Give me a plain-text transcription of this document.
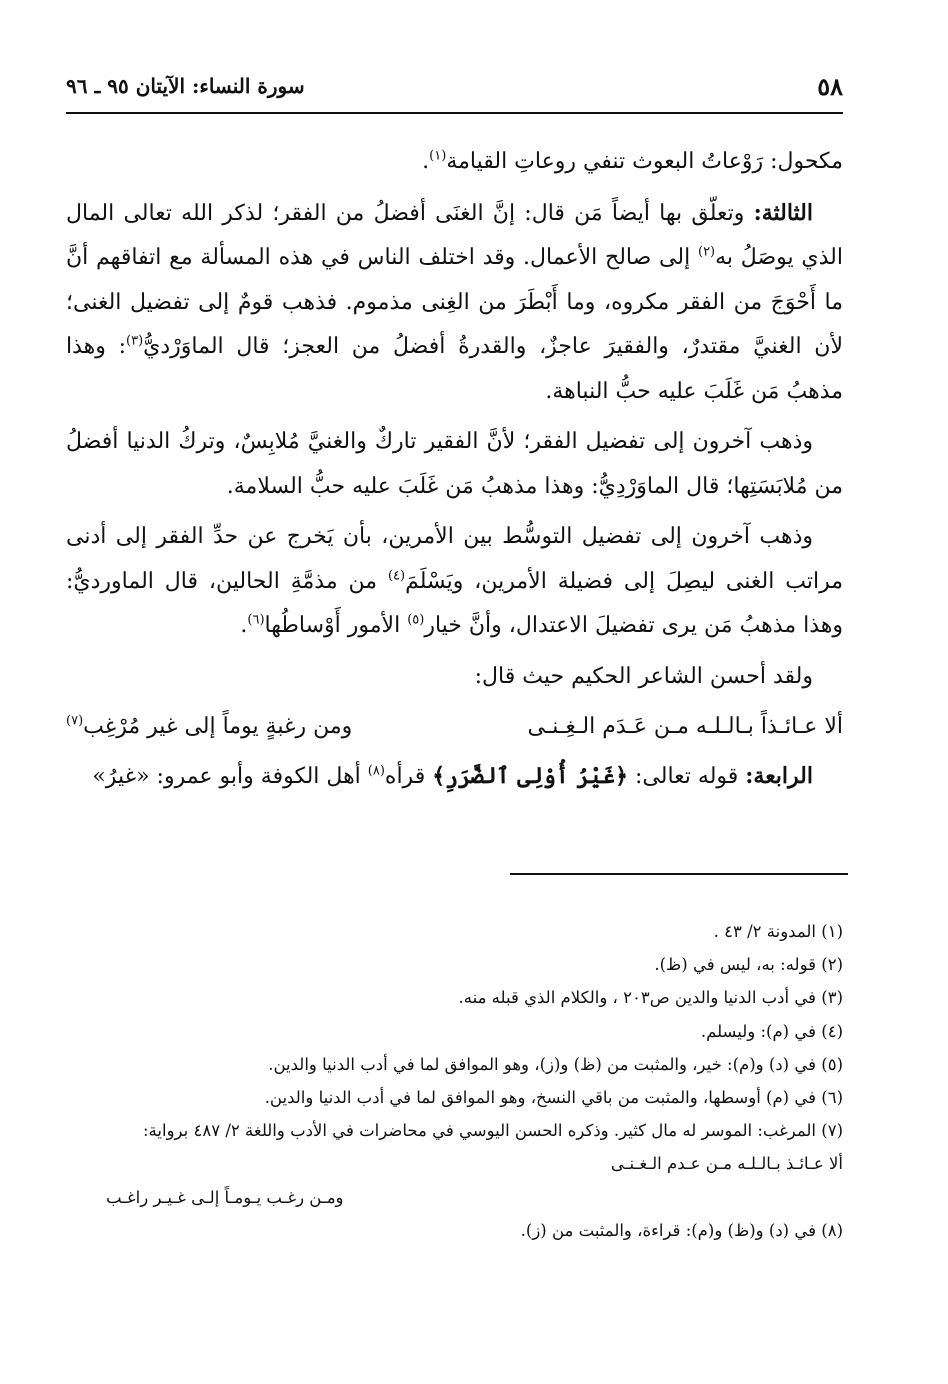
٥٨
سورة النساء: الآيتان ٩٥ ـ ٩٦

مكحول: رَوْعاتُ البعوث تنفي روعاتِ القيامة$^{(١)}$.

الثالثة: وتعلّق بها أيضاً مَن قال: إنَّ الغنَى أفضلُ من الفقر؛ لذكر الله تعالى المال الذي يوصَلُ به$^{(٢)}$ إلى صالح الأعمال. وقد اختلف الناس في هذه المسألة مع اتفاقهم أنَّ ما أَحْوَجَ من الفقر مكروه، وما أَبْطَرَ من الغِنى مذموم. فذهب قومٌ إلى تفضيل الغنى؛ لأن الغنيَّ مقتدرٌ، والفقيرَ عاجزٌ، والقدرةُ أفضلُ من العجز؛ قال الماوَرْديُّ$^{(٣)}$: وهذا مذهبُ مَن غَلَبَ عليه حبُّ النباهة.

وذهب آخرون إلى تفضيل الفقر؛ لأنَّ الفقير تاركٌ والغنيَّ مُلابِسٌ، وتركُ الدنيا أفضلُ من مُلابَسَتِها؛ قال الماوَرْدِيُّ: وهذا مذهبُ مَن غَلَبَ عليه حبُّ السلامة.

وذهب آخرون إلى تفضيل التوسُّط بين الأمرين، بأن يَخرج عن حدِّ الفقر إلى أدنى مراتب الغنى ليصِلَ إلى فضيلة الأمرين، ويَسْلَمَ$^{(٤)}$ من مذمَّةِ الحالين، قال الماورديُّ: وهذا مذهبُ مَن يرى تفضيلَ الاعتدال، وأنَّ خيار$^{(٥)}$ الأمور أَوْساطُها$^{(٦)}$.

ولقد أحسن الشاعر الحكيم حيث قال:

ألا عـائـذاً بـالـلـه مـن عَـدَم الـغِـنـى
ومن رغبةٍ يوماً إلى غير مُرْغِب$^{(٧)}$

الرابعة: قوله تعالى: ﴿غَيْرُ أُوْلِى ٱلضَّرَرِ﴾ قرأه$^{(٨)}$ أهل الكوفة وأبو عمرو: «غيرُ»

(١) المدونة ٢/ ٤٣ .

(٢) قوله: به، ليس في (ظ).

(٣) في أدب الدنيا والدين ص٢٠٣ ، والكلام الذي قبله منه.

(٤) في (م): وليسلم.

(٥) في (د) و(م): خير، والمثبت من (ظ) و(ز)، وهو الموافق لما في أدب الدنيا والدين.

(٦) في (م) أوسطها، والمثبت من باقي النسخ، وهو الموافق لما في أدب الدنيا والدين.

(٧) المرغب: الموسر له مال كثير. وذكره الحسن اليوسي في محاضرات في الأدب واللغة ٢/ ٤٨٧ برواية:

ألا عـائـذ بـالـلـه مـن عـدم الـغـنـى
ومـن رغـب يـومـاً إلـى غـيـر راغـب

(٨) في (د) و(ظ) و(م): قراءة، والمثبت من (ز).
